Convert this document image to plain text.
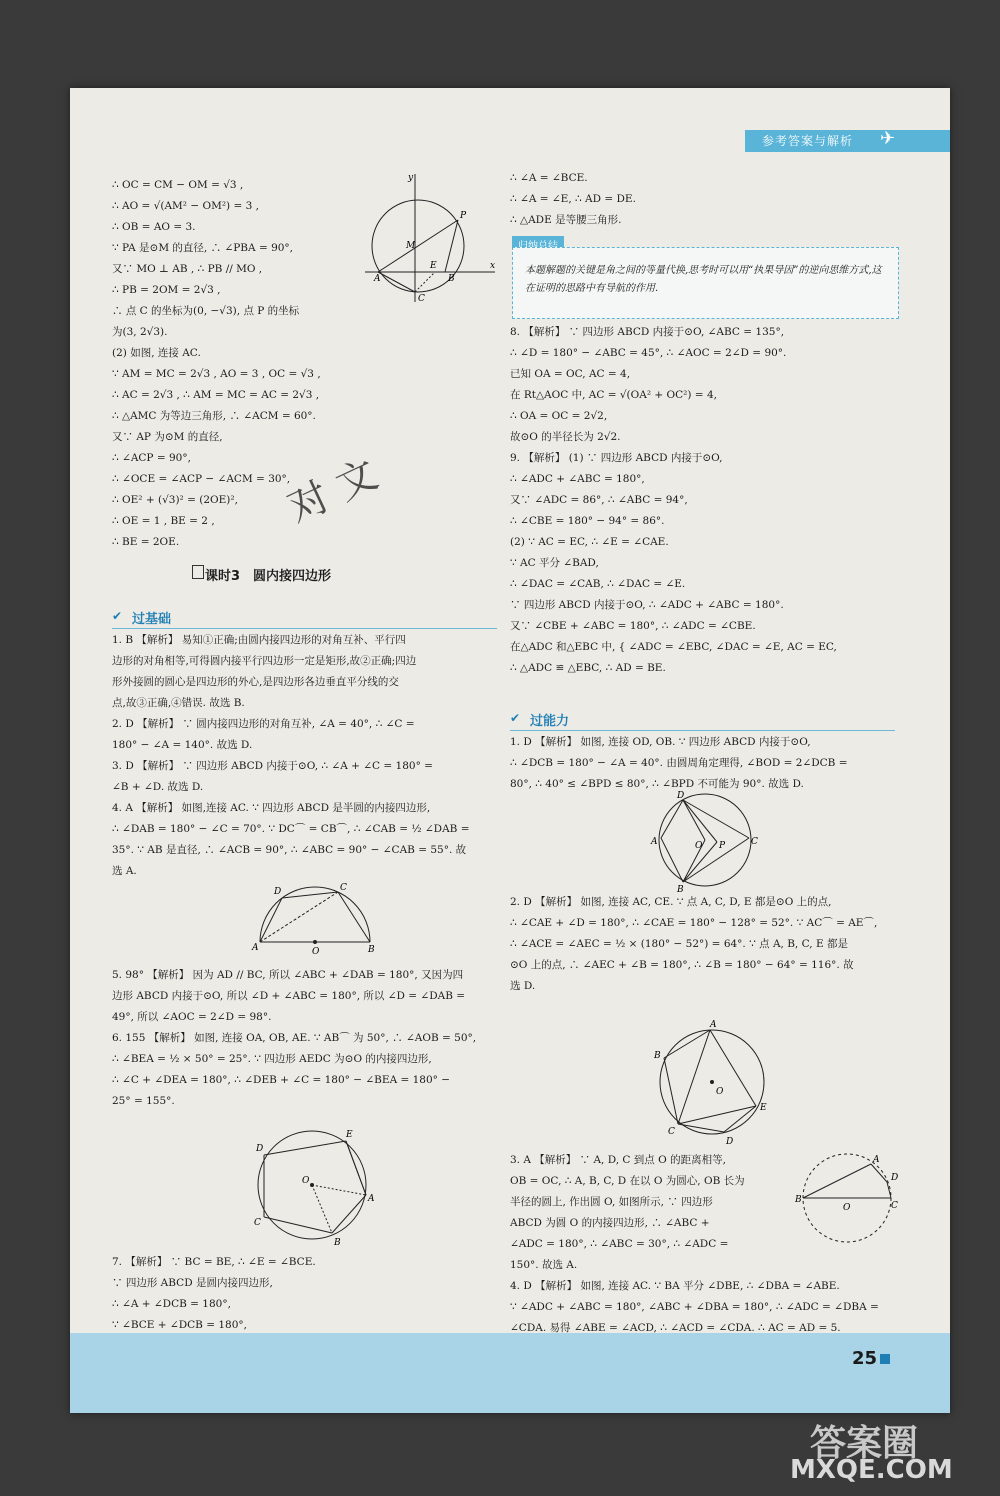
参考答案与解析 ✈
∴ OC = CM − OM = √3 ,
∴ AO = √(AM² − OM²) = 3 ,
∴ OB = AO = 3.
∵ PA 是⊙M 的直径, ∴ ∠PBA = 90°,
又∵ MO ⊥ AB , ∴ PB // MO ,
∴ PB = 2OM = 2√3 ,
∴ 点 C 的坐标为(0, −√3), 点 P 的坐标
为(3, 2√3).
(2) 如图, 连接 AC.
∵ AM = MC = 2√3 , AO = 3 , OC = √3 ,
∴ AC = 2√3 , ∴ AM = MC = AC = 2√3 ,
∴ △AMC 为等边三角形, ∴ ∠ACM = 60°.
又∵ AP 为⊙M 的直径,
∴ ∠ACP = 90°,
∴ ∠OCE = ∠ACP − ∠ACM = 30°,
∴ OE² + (√3)² = (2OE)²,
∴ OE = 1 , BE = 2 ,
∴ BE = 2OE.
A	B
C
P
M
E	x
y
对 文
课时3　圆内接四边形
✔ 过基础
1. B 【解析】 易知①正确;由圆内接四边形的对角互补、平行四
边形的对角相等,可得圆内接平行四边形一定是矩形,故②正确;四边
形外接圆的圆心是四边形的外心,是四边形各边垂直平分线的交
点,故③正确,④错误. 故选 B.
2. D 【解析】 ∵ 圆内接四边形的对角互补, ∠A = 40°, ∴ ∠C =
180° − ∠A = 140°. 故选 D.
3. D 【解析】 ∵ 四边形 ABCD 内接于⊙O, ∴ ∠A + ∠C = 180° =
∠B + ∠D. 故选 D.
4. A 【解析】 如图,连接 AC. ∵ 四边形 ABCD 是半圆的内接四边形,
∴ ∠DAB = 180° − ∠C = 70°. ∵ DC⌒ = CB⌒, ∴ ∠CAB = ½ ∠DAB =
35°. ∵ AB 是直径, ∴ ∠ACB = 90°, ∴ ∠ABC = 90° − ∠CAB = 55°. 故
选 A.
A	B
C
D
O
5. 98° 【解析】 因为 AD // BC, 所以 ∠ABC + ∠DAB = 180°, 又因为四
边形 ABCD 内接于⊙O, 所以 ∠D + ∠ABC = 180°, 所以 ∠D = ∠DAB =
49°, 所以 ∠AOC = 2∠D = 98°.
6. 155 【解析】 如图, 连接 OA, OB, AE. ∵ AB⌒ 为 50°, ∴ ∠AOB = 50°,
∴ ∠BEA = ½ × 50° = 25°. ∵ 四边形 AEDC 为⊙O 的内接四边形,
∴ ∠C + ∠DEA = 180°, ∴ ∠DEB + ∠C = 180° − ∠BEA = 180° −
25° = 155°.
D
E
A
B
C
O
7. 【解析】 ∵ BC = BE, ∴ ∠E = ∠BCE.
∵ 四边形 ABCD 是圆内接四边形,
∴ ∠A + ∠DCB = 180°,
∵ ∠BCE + ∠DCB = 180°,
∴ ∠A = ∠BCE.
∴ ∠A = ∠E, ∴ AD = DE.
∴ △ADE 是等腰三角形.
本题解题的关键是角之间的等量代换,思考时可以用“执果导因”的逆向思维方式,这在证明的思路中有导航的作用.
8. 【解析】 ∵ 四边形 ABCD 内接于⊙O, ∠ABC = 135°,
∴ ∠D = 180° − ∠ABC = 45°, ∴ ∠AOC = 2∠D = 90°.
已知 OA = OC, AC = 4,
在 Rt△AOC 中, AC = √(OA² + OC²) = 4,
∴ OA = OC = 2√2,
故⊙O 的半径长为 2√2.
9. 【解析】 (1) ∵ 四边形 ABCD 内接于⊙O,
∴ ∠ADC + ∠ABC = 180°,
又∵ ∠ADC = 86°, ∴ ∠ABC = 94°,
∴ ∠CBE = 180° − 94° = 86°.
(2) ∵ AC = EC, ∴ ∠E = ∠CAE.
∵ AC 平分 ∠BAD,
∴ ∠DAC = ∠CAB, ∴ ∠DAC = ∠E.
∵ 四边形 ABCD 内接于⊙O, ∴ ∠ADC + ∠ABC = 180°.
又∵ ∠CBE + ∠ABC = 180°, ∴ ∠ADC = ∠CBE.
在△ADC 和△EBC 中, { ∠ADC = ∠EBC, ∠DAC = ∠E, AC = EC,
∴ △ADC ≌ △EBC, ∴ AD = BE.
✔ 过能力
1. D 【解析】 如图, 连接 OD, OB. ∵ 四边形 ABCD 内接于⊙O,
∴ ∠DCB = 180° − ∠A = 40°. 由圆周角定理得, ∠BOD = 2∠DCB =
80°, ∴ 40° ≤ ∠BPD ≤ 80°, ∴ ∠BPD 不可能为 90°. 故选 D.
A
B
C
D
O P
2. D 【解析】 如图, 连接 AC, CE. ∵ 点 A, C, D, E 都是⊙O 上的点,
∴ ∠CAE + ∠D = 180°, ∴ ∠CAE = 180° − 128° = 52°. ∵ AC⌒ = AE⌒,
∴ ∠ACE = ∠AEC = ½ × (180° − 52°) = 64°. ∵ 点 A, B, C, E 都是
⊙O 上的点, ∴ ∠AEC + ∠B = 180°, ∴ ∠B = 180° − 64° = 116°. 故
选 D.
A
E
D
C
B
O
3. A 【解析】 ∵ A, D, C 到点 O 的距离相等,
OB = OC, ∴ A, B, C, D 在以 O 为圆心, OB 长为
半径的圆上, 作出圆 O, 如图所示, ∵ 四边形
ABCD 为圆 O 的内接四边形, ∴ ∠ABC +
∠ADC = 180°, ∴ ∠ABC = 30°, ∴ ∠ADC =
150°. 故选 A.
4. D 【解析】 如图, 连接 AC. ∵ BA 平分 ∠DBE, ∴ ∠DBA = ∠ABE.
∵ ∠ADC + ∠ABC = 180°, ∠ABC + ∠DBA = 180°, ∴ ∠ADC = ∠DBA =
∠CDA. 易得 ∠ABE = ∠ACD, ∴ ∠ACD = ∠CDA. ∴ AC = AD = 5.
B
A
D
C
O
25
答案圈
MXQE.COM
